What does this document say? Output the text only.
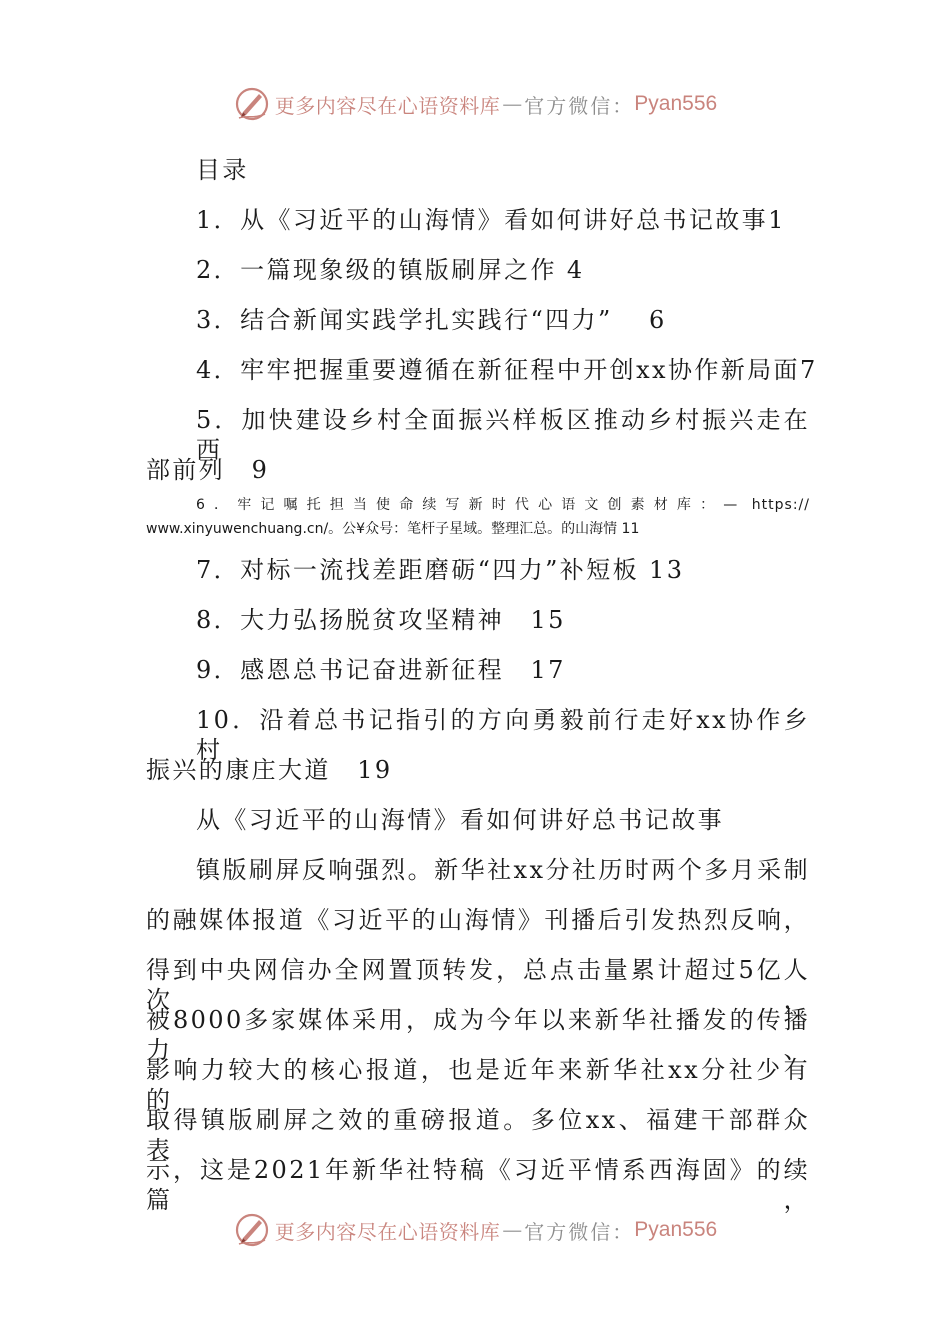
更多内容尽在心语资料库 — 官方微信： Pyan556
目录
1．从《习近平的山海情》看如何讲好总书记故事1
2．一篇现象级的镇版刷屏之作 4
3．结合新闻实践学扎实践行“四力”　 6
4．牢牢把握重要遵循在新征程中开创xx协作新局面7
5．加快建设乡村全面振兴样板区推动乡村振兴走在西
部前列　9
6．牢记嘱托担当使命续写新时代心语文创素材库：— https://
www.xinyuwenchuang.cn/。公¥众号：笔杆子星域。整理汇总。的山海情 11
7．对标一流找差距磨砺“四力”补短板 13
8．大力弘扬脱贫攻坚精神　15
9．感恩总书记奋进新征程　17
10．沿着总书记指引的方向勇毅前行走好xx协作乡村
振兴的康庄大道　19
从《习近平的山海情》看如何讲好总书记故事
镇版刷屏反响强烈。新华社xx分社历时两个多月采制
的融媒体报道《习近平的山海情》刊播后引发热烈反响，
得到中央网信办全网置顶转发，总点击量累计超过5亿人次，
被8000多家媒体采用，成为今年以来新华社播发的传播力、
影响力较大的核心报道，也是近年来新华社xx分社少有的
取得镇版刷屏之效的重磅报道。多位xx、福建干部群众表
示，这是2021年新华社特稿《习近平情系西海固》的续篇，
更多内容尽在心语资料库 — 官方微信： Pyan556
